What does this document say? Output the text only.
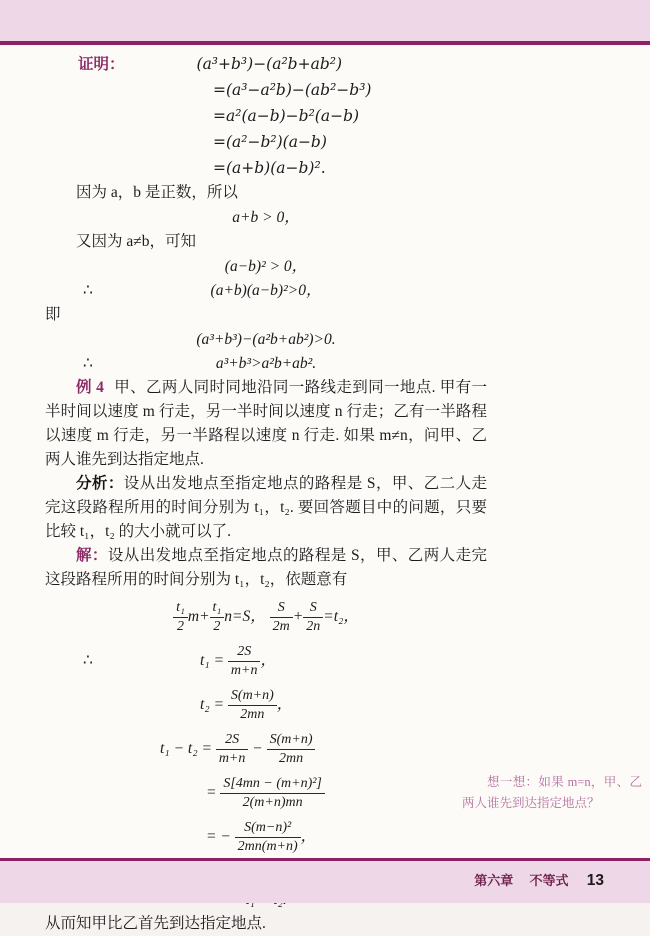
证明：	(a³+b³)−(a²b+ab²)
=(a³−a²b)−(ab²−b³)
=a²(a−b)−b²(a−b)
=(a²−b²)(a−b)
=(a+b)(a−b)².

因为 a，b 是正数，所以

a+b > 0，

又因为 a≠b，可知

(a−b)² > 0，
∴	(a+b)(a−b)²>0，

即

(a³+b³)−(a²b+ab²)>0.
∴	a³+b³>a²b+ab².

例 4 甲、乙两人同时同地沿同一路线走到同一地点. 甲有一半时间以速度 m 行走，另一半时间以速度 n 行走；乙有一半路程以速度 m 行走，另一半路程以速度 n 行走. 如果 m≠n，问甲、乙两人谁先到达指定地点.

分析：设从出发地点至指定地点的路程是 S，甲、乙二人走完这段路程所用的时间分别为 t₁，t₂. 要回答题目中的问题，只要比较 t₁，t₂ 的大小就可以了.

解：设从出发地点至指定地点的路程是 S，甲、乙两人走完这段路程所用的时间分别为 t₁，t₂，依题意有

$\frac{\text{t₁}}{2} m+ \frac{\text{t₁}}{2} n=S$， $\frac{S}{2m} + \frac{S}{2n} =t_2$，
∴	$t_1 = \frac{2S}{m+n}$ ，
$t_2 = \frac{S(m+n)}{2mn}$ ，
$t_1 - t_2 = \frac{2S}{m+n} - \frac{S(m+n)}{2mn}$
= $\frac{\text{S[4mn − (m+n)²]}}{2(m+n)mn}$
= − $\frac{\text{S(m−n)²}}{2mn(m+n)}$ ，

从而知甲比乙首先到达指定地点.

想一想：如果 m=n，甲、乙两人谁先到达指定地点？
第六章 不等式 13
